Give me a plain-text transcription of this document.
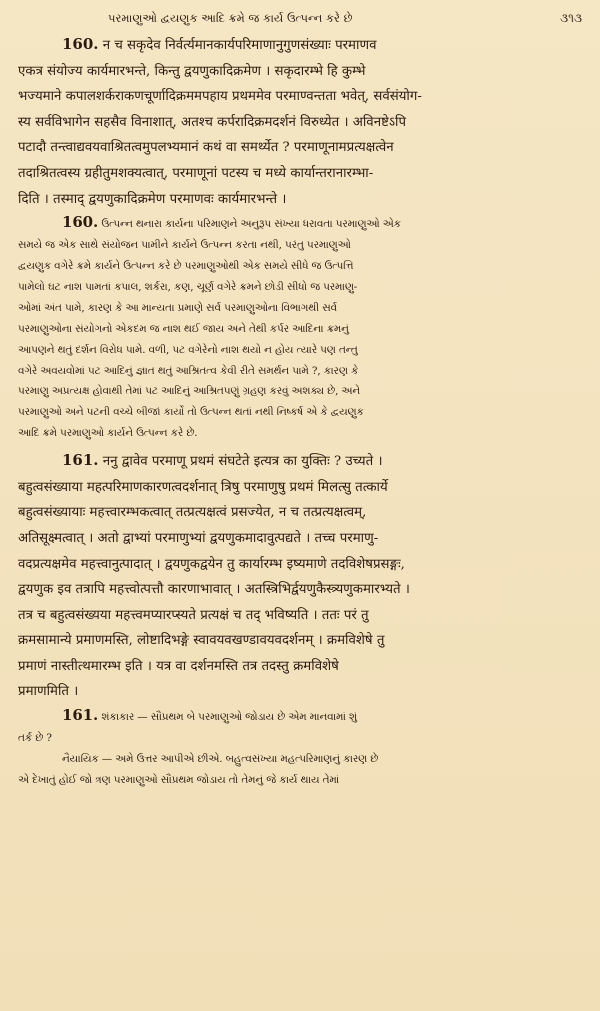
પરમાણુઓ દ્વયણુક આદિ ક્રમે જ કાર્ય ઉત્પન્ન કરે છે	૩૧૩
160. न च सकृदेव निर्वर्त्यमानकार्यपरिमाणानुगुणसंख्याः परमाणव
एकत्र संयोज्य कार्यमारभन्ते, किन्तु द्वयणुकादिक्रमेण । सकृदारम्भे हि कुम्भे
भज्यमाने कपालशर्कराकणचूर्णादिक्रममपहाय प्रथममेव परमाण्वन्तता भवेत्, सर्वसंयोग-
स्य सर्वविभागेन सहसैव विनाशात्, अतश्च कर्परादिक्रमदर्शनं विरुध्येत । अविनष्टेऽपि
पटादौ तन्त्वाद्यवयवाश्रितत्वमुपलभ्यमानं कथं वा समर्थ्येत ? परमाणूनामप्रत्यक्षत्वेन
तदाश्रितत्वस्य ग्रहीतुमशक्यत्वात्, परमाणूनां पटस्य च मध्ये कार्यान्तरानारम्भा-
दिति । तस्माद् द्वयणुकादिक्रमेण परमाणवः कार्यमारभन्ते ।
160. ઉત્પન્ન થનારા કાર્યના પરિમાણને અનુરૂપ સંખ્યા ધરાવતા પરમાણુઓ એક
સમયે જ એક સાથે સંયોજન પામીને કાર્યને ઉત્પન્ન કરતા નથી, પરંતુ પરમાણુઓ
દ્વયણુક વગેરે ક્રમે કાર્યને ઉત્પન્ન કરે છે પરમાણુઓથી એક સમયે સીધે જ ઉત્પત્તિ
પામેલો ઘટ નાશ પામતાં કપાલ, શર્કરા, કણ, ચૂર્ણ વગેરે ક્રમને છોડી સીધો જ પરમાણુ-
ઓમાં અંત પામે, કારણ કે આ માન્યતા પ્રમાણે સર્વ પરમાણુઓના વિભાગથી સર્વ
પરમાણુઓના સંયોગનો એકદમ જ નાશ થઈ જાય અને તેથી કર્પર આદિના ક્રમનું
આપણને થતું દર્શન વિરોધ પામે. વળી, પટ વગેરેનો નાશ થયો ન હોય ત્યારે પણ તન્તુ
વગેરે અવયવોમાં પટ આદિનું જ્ઞાત થતું આશ્રિતત્વ કેવી રીતે સમર્થન પામે ?, કારણ કે
પરમાણુ અપ્રત્યક્ષ હોવાથી તેમાં પટ આદિનું આશ્રિતપણું ગ્રહણ કરવું અશક્ય છે, અને
પરમાણુઓ અને પટની વચ્ચે બીજાં કાર્યો તો ઉત્પન્ન થતાં નથી નિષ્કર્ષ એ કે દ્વયણુક
આદિ ક્રમે પરમાણુઓ કાર્યને ઉત્પન્ન કરે છે.
161. ननु द्वावेव परमाणू प्रथमं संघटेते इत्यत्र का युक्तिः ? उच्यते ।
बहुत्वसंख्याया महत्परिमाणकारणत्वदर्शनात् त्रिषु परमाणुषु प्रथमं मिलत्सु तत्कार्ये
बहुत्वसंख्यायाः महत्त्वारम्भकत्वात् तत्प्रत्यक्षत्वं प्रसज्येत, न च तत्प्रत्यक्षत्वम्,
अतिसूक्ष्मत्वात् । अतो द्वाभ्यां परमाणुभ्यां द्वयणुकमादावुत्पद्यते । तच्च परमाणु-
वदप्रत्यक्षमेव महत्त्वानुत्पादात् । द्वयणुकद्वयेन तु कार्यारम्भ इष्यमाणे तदविशेषप्रसङ्गः,
द्वयणुक इव तत्रापि महत्त्वोत्पत्तौ कारणाभावात् । अतस्त्रिभिर्द्वयणुकैस्त्र्यणुकमारभ्यते ।
तत्र च बहुत्वसंख्यया महत्त्वमप्यारप्स्यते प्रत्यक्षं च तद् भविष्यति । ततः परं तु
क्रमसामान्ये प्रमाणमस्ति, लोष्टादिभङ्गे स्वावयवखण्डावयवदर्शनम् । क्रमविशेषे तु
प्रमाणं नास्तीत्थमारम्भ इति । यत्र वा दर्शनमस्ति तत्र तदस्तु क्रमविशेषे
प्रमाणमिति ।
161. શંકાકાર — સૌપ્રથમ બે પરમાણુઓ જોડાય છે એમ માનવામાં શું
તર્ક છે ?
નૈયાયિક — અમે ઉત્તર આપીએ છીએ. બહુત્વસંખ્યા મહત્પરિમાણનું કારણ છે
એ દેખાતું હોઈ જો ત્રણ પરમાણુઓ સૌપ્રથમ જોડાય તો તેમનું જે કાર્ય થાય તેમાં
